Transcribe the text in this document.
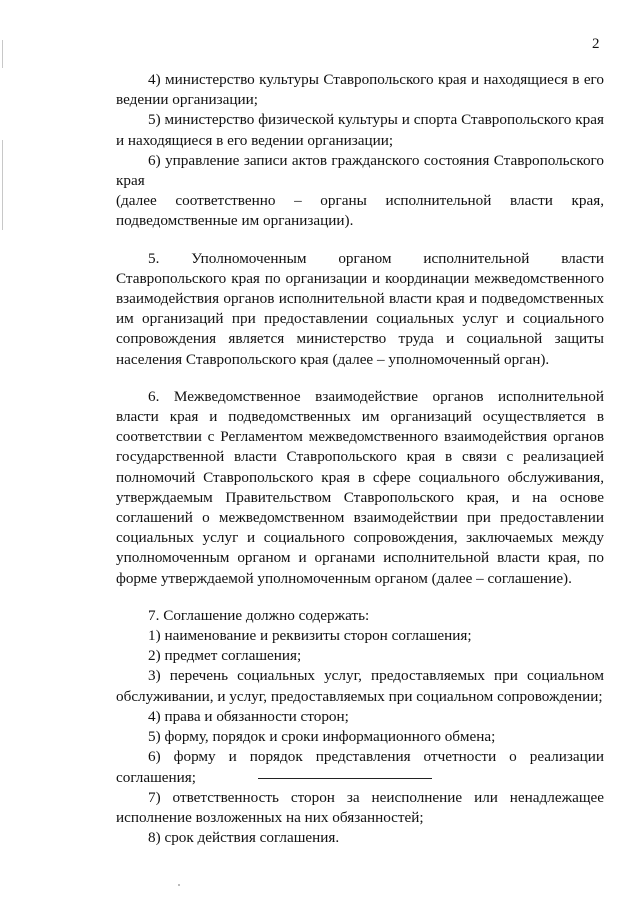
2

4) министерство культуры Ставропольского края и находящиеся в его ведении организации;

5) министерство физической культуры и спорта Ставропольского края и находящиеся в его ведении организации;

6) управление записи актов гражданского состояния Ставропольского края

(далее соответственно – органы исполнительной власти края, подведомственные им организации).

5. Уполномоченным органом исполнительной власти Ставропольского края по организации и координации межведомственного взаимодействия органов исполнительной власти края и подведомственных им организаций при предоставлении социальных услуг и социального сопровождения является министерство труда и социальной защиты населения Ставропольского края (далее – уполномоченный орган).

6. Межведомственное взаимодействие органов исполнительной власти края и подведомственных им организаций осуществляется в соответствии с Регламентом межведомственного взаимодействия органов государственной власти Ставропольского края в связи с реализацией полномочий Ставропольского края в сфере социального обслуживания, утверждаемым Правительством Ставропольского края, и на основе соглашений о межведомственном взаимодействии при предоставлении социальных услуг и социального сопровождения, заключаемых между уполномоченным органом и органами исполнительной власти края, по форме утверждаемой уполномоченным органом (далее – соглашение).

7. Соглашение должно содержать:

1) наименование и реквизиты сторон соглашения;

2) предмет соглашения;

3) перечень социальных услуг, предоставляемых при социальном обслуживании, и услуг, предоставляемых при социальном сопровождении;

4) права и обязанности сторон;

5) форму, порядок и сроки информационного обмена;

6) форму и порядок представления отчетности о реализации соглашения;

7) ответственность сторон за неисполнение или ненадлежащее исполнение возложенных на них обязанностей;

8) срок действия соглашения.
